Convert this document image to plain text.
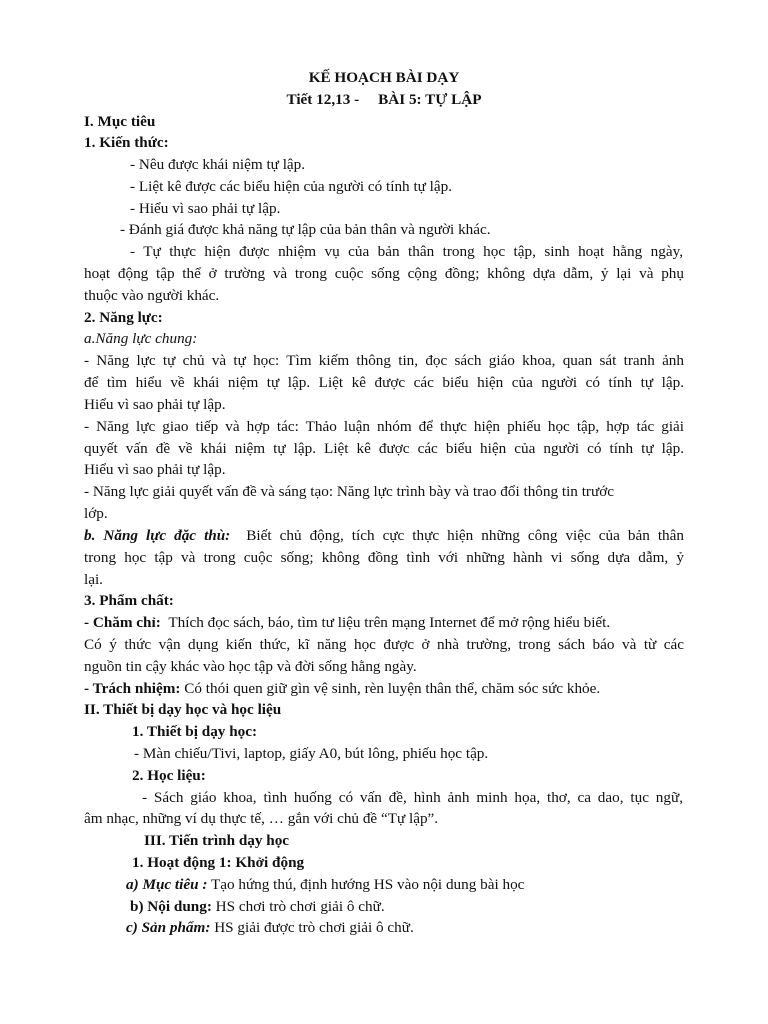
KẾ HOẠCH BÀI DẠY
Tiết 12,13 - BÀI 5: TỰ LẬP
I. Mục tiêu
1. Kiến thức:
- Nêu được khái niệm tự lập.
- Liệt kê được các biểu hiện của người có tính tự lập.
- Hiểu vì sao phải tự lập.
- Đánh giá được khả năng tự lập của bản thân và người khác.
- Tự thực hiện được nhiệm vụ của bản thân trong học tập, sinh hoạt hằng ngày,
hoạt động tập thể ở trường và trong cuộc sống cộng đồng; không dựa dẫm, ỷ lại và phụ
thuộc vào người khác.
2. Năng lực:
a.Năng lực chung:
- Năng lực tự chủ và tự học: Tìm kiếm thông tin, đọc sách giáo khoa, quan sát tranh ảnh
để tìm hiểu về khái niệm tự lập. Liệt kê được các biểu hiện của người có tính tự lập.
Hiểu vì sao phải tự lập.
- Năng lực giao tiếp và hợp tác: Thảo luận nhóm để thực hiện phiếu học tập, hợp tác giải
quyết vấn đề về khái niệm tự lập. Liệt kê được các biểu hiện của người có tính tự lập.
Hiểu vì sao phải tự lập.
- Năng lực giải quyết vấn đề và sáng tạo: Năng lực trình bày và trao đổi thông tin trước
lớp.
b. Năng lực đặc thù: Biết chủ động, tích cực thực hiện những công việc của bản thân
trong học tập và trong cuộc sống; không đồng tình với những hành vi sống dựa dẫm, ỷ
lại.
3. Phẩm chất:
- Chăm chỉ: Thích đọc sách, báo, tìm tư liệu trên mạng Internet để mở rộng hiểu biết.
Có ý thức vận dụng kiến thức, kĩ năng học được ở nhà trường, trong sách báo và từ các
nguồn tin cậy khác vào học tập và đời sống hằng ngày.
- Trách nhiệm: Có thói quen giữ gìn vệ sinh, rèn luyện thân thể, chăm sóc sức khỏe.
II. Thiết bị dạy học và học liệu
1. Thiết bị dạy học:
- Màn chiếu/Tivi, laptop, giấy A0, bút lông, phiếu học tập.
2. Học liệu:
- Sách giáo khoa, tình huống có vấn đề, hình ảnh minh họa, thơ, ca dao, tục ngữ,
âm nhạc, những ví dụ thực tế, … gắn với chủ đề “Tự lập”.
III. Tiến trình dạy học
1. Hoạt động 1: Khởi động
a) Mục tiêu : Tạo hứng thú, định hướng HS vào nội dung bài học
b) Nội dung: HS chơi trò chơi giải ô chữ.
c) Sản phẩm: HS giải được trò chơi giải ô chữ.
